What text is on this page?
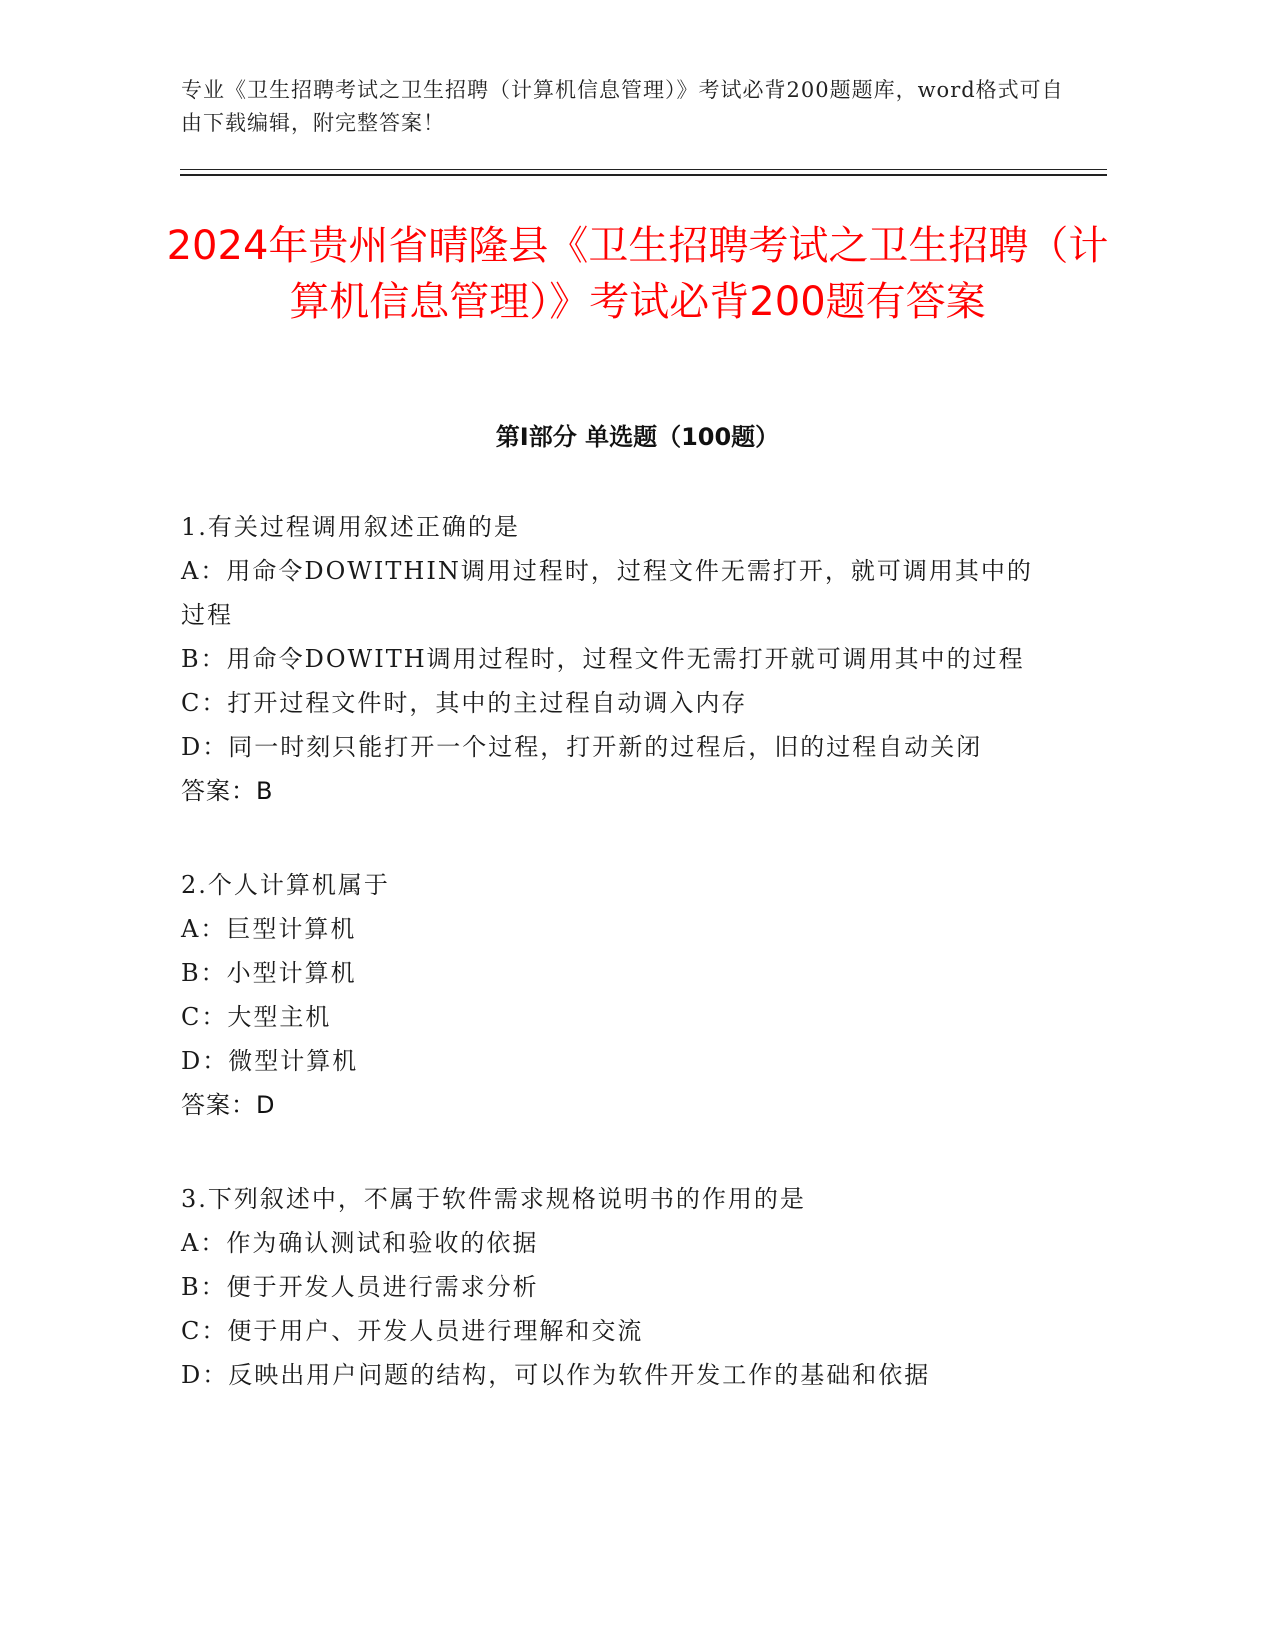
专业《卫生招聘考试之卫生招聘（计算机信息管理）》考试必背200题题库，word格式可自由下载编辑，附完整答案！
2024年贵州省晴隆县《卫生招聘考试之卫生招聘（计算机信息管理）》考试必背200题有答案
第I部分 单选题（100题）
1.有关过程调用叙述正确的是
A：用命令DOWITHIN调用过程时，过程文件无需打开，就可调用其中的过程
B：用命令DOWITH调用过程时，过程文件无需打开就可调用其中的过程
C：打开过程文件时，其中的主过程自动调入内存
D：同一时刻只能打开一个过程，打开新的过程后，旧的过程自动关闭
答案：B
2.个人计算机属于
A：巨型计算机
B：小型计算机
C：大型主机
D：微型计算机
答案：D
3.下列叙述中，不属于软件需求规格说明书的作用的是
A：作为确认测试和验收的依据
B：便于开发人员进行需求分析
C：便于用户、开发人员进行理解和交流
D：反映出用户问题的结构，可以作为软件开发工作的基础和依据
